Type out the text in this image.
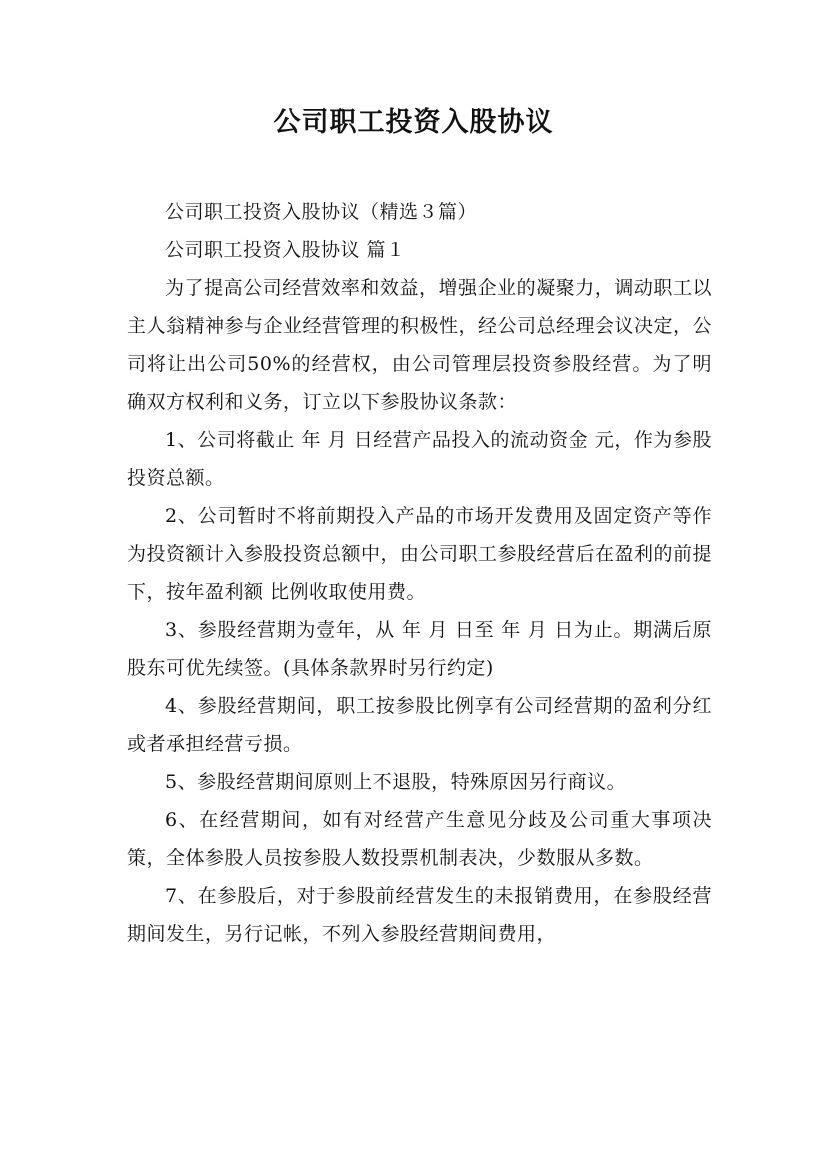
公司职工投资入股协议

公司职工投资入股协议（精选３篇）

公司职工投资入股协议 篇１

为了提高公司经营效率和效益，增强企业的凝聚力，调动职工以主人翁精神参与企业经营管理的积极性，经公司总经理会议决定，公司将让出公司50%的经营权，由公司管理层投资参股经营。为了明确双方权利和义务，订立以下参股协议条款：

1、公司将截止 年 月 日经营产品投入的流动资金 元，作为参股投资总额。

2、公司暂时不将前期投入产品的市场开发费用及固定资产等作为投资额计入参股投资总额中，由公司职工参股经营后在盈利的前提下，按年盈利额 比例收取使用费。

3、参股经营期为壹年，从 年 月 日至 年 月 日为止。期满后原股东可优先续签。(具体条款界时另行约定)

4、参股经营期间，职工按参股比例享有公司经营期的盈利分红或者承担经营亏损。

5、参股经营期间原则上不退股，特殊原因另行商议。

6、在经营期间，如有对经营产生意见分歧及公司重大事项决策，全体参股人员按参股人数投票机制表决，少数服从多数。

7、在参股后，对于参股前经营发生的未报销费用，在参股经营期间发生，另行记帐，不列入参股经营期间费用，
